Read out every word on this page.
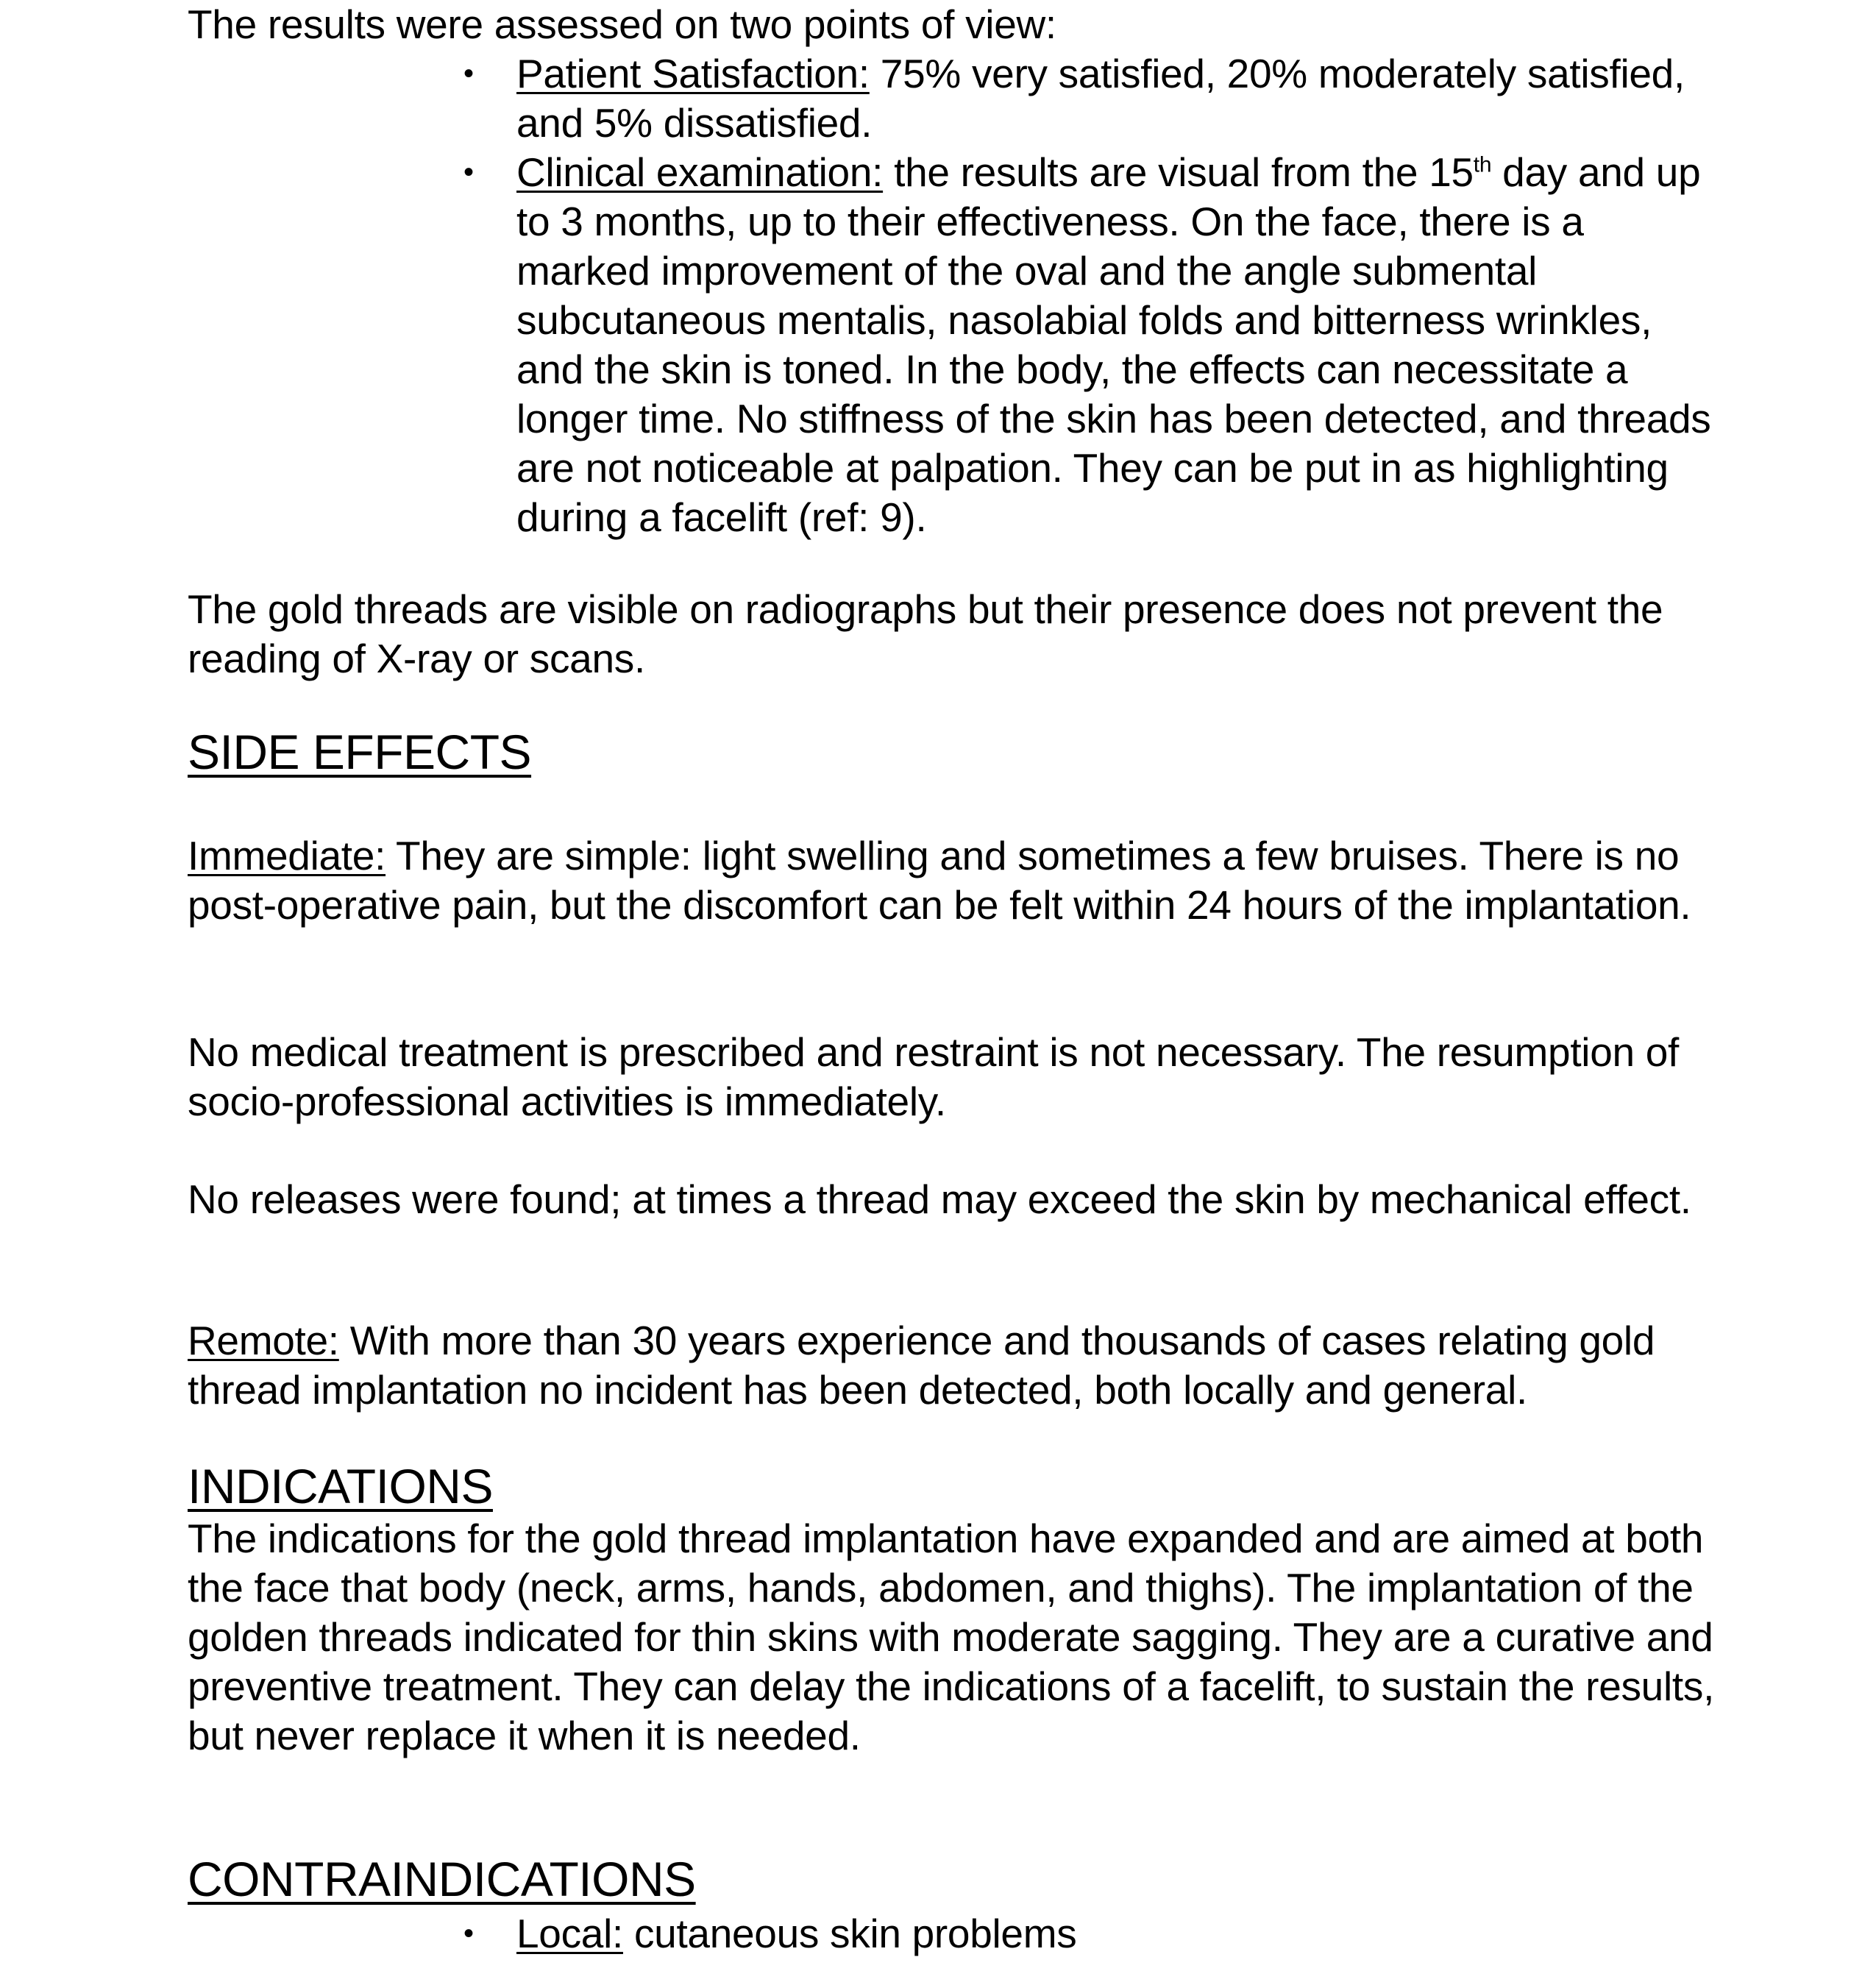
The results were assessed on two points of view:

• Patient Satisfaction: 75% very satisfied, 20% moderately satisfied, and 5% dissatisfied.
• Clinical examination: the results are visual from the 15th day and up to 3 months, up to their effectiveness. On the face, there is a marked improvement of the oval and the angle submental subcutaneous mentalis, nasolabial folds and bitterness wrinkles, and the skin is toned. In the body, the effects can necessitate a longer time. No stiffness of the skin has been detected, and threads are not noticeable at palpation. They can be put in as highlighting during a facelift (ref: 9).

The gold threads are visible on radiographs but their presence does not prevent the reading of X-ray or scans.

SIDE EFFECTS

Immediate: They are simple: light swelling and sometimes a few bruises. There is no post-operative pain, but the discomfort can be felt within 24 hours of the implantation.

No medical treatment is prescribed and restraint is not necessary. The resumption of socio-professional activities is immediately.

No releases were found; at times a thread may exceed the skin by mechanical effect.

Remote: With more than 30 years experience and thousands of cases relating gold thread implantation no incident has been detected, both locally and general.

INDICATIONS

The indications for the gold thread implantation have expanded and are aimed at both the face that body (neck, arms, hands, abdomen, and thighs). The implantation of the golden threads indicated for thin skins with moderate sagging. They are a curative and preventive treatment. They can delay the indications of a facelift, to sustain the results, but never replace it when it is needed.

CONTRAINDICATIONS
• Local: cutaneous skin problems
